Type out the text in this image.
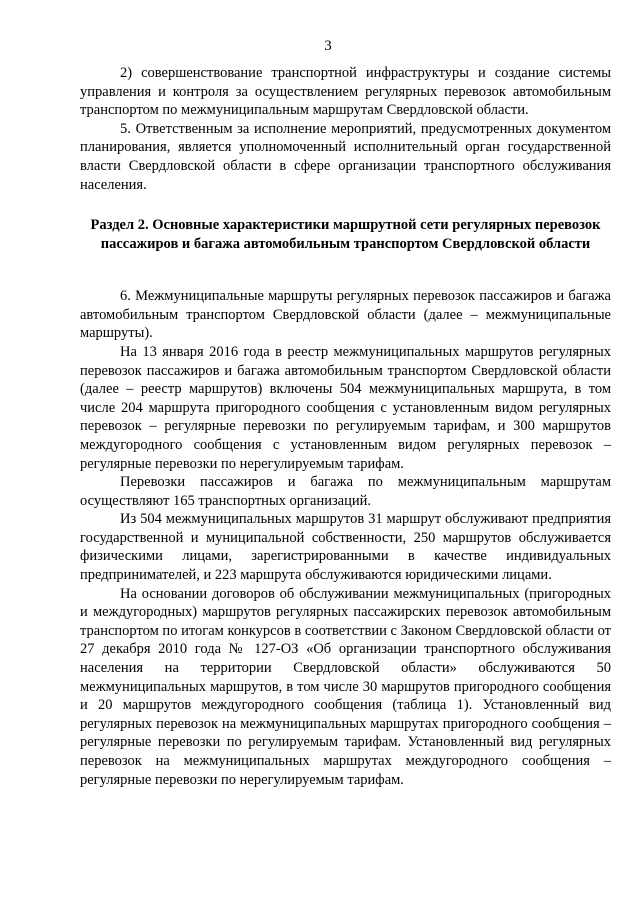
3

2) совершенствование транспортной инфраструктуры и создание системы управления и контроля за осуществлением регулярных перевозок автомобильным транспортом по межмуниципальным маршрутам Свердловской области.

5. Ответственным за исполнение мероприятий, предусмотренных документом планирования, является уполномоченный исполнительный орган государственной власти Свердловской области в сфере организации транспортного обслуживания населения.

Раздел 2. Основные характеристики маршрутной сети регулярных перевозок
пассажиров и багажа автомобильным транспортом Свердловской области

6. Межмуниципальные маршруты регулярных перевозок пассажиров и багажа автомобильным транспортом Свердловской области (далее – межмуниципальные маршруты).

На 13 января 2016 года в реестр межмуниципальных маршрутов регулярных перевозок пассажиров и багажа автомобильным транспортом Свердловской области (далее – реестр маршрутов) включены 504 межмуниципальных маршрута, в том числе 204 маршрута пригородного сообщения с установленным видом регулярных перевозок – регулярные перевозки по регулируемым тарифам, и 300 маршрутов междугородного сообщения с установленным видом регулярных перевозок – регулярные перевозки по нерегулируемым тарифам.

Перевозки пассажиров и багажа по межмуниципальным маршрутам осуществляют 165 транспортных организаций.

Из 504 межмуниципальных маршрутов 31 маршрут обслуживают предприятия государственной и муниципальной собственности, 250 маршрутов обслуживается физическими лицами, зарегистрированными в качестве индивидуальных предпринимателей, и 223 маршрута обслуживаются юридическими лицами.

На основании договоров об обслуживании межмуниципальных (пригородных и междугородных) маршрутов регулярных пассажирских перевозок автомобильным транспортом по итогам конкурсов в соответствии с Законом Свердловской области от 27 декабря 2010 года № 127-ОЗ «Об организации транспортного обслуживания населения на территории Свердловской области» обслуживаются 50 межмуниципальных маршрутов, в том числе 30 маршрутов пригородного сообщения и 20 маршрутов междугородного сообщения (таблица 1). Установленный вид регулярных перевозок на межмуниципальных маршрутах пригородного сообщения – регулярные перевозки по регулируемым тарифам. Установленный вид регулярных перевозок на межмуниципальных маршрутах междугородного сообщения – регулярные перевозки по нерегулируемым тарифам.
